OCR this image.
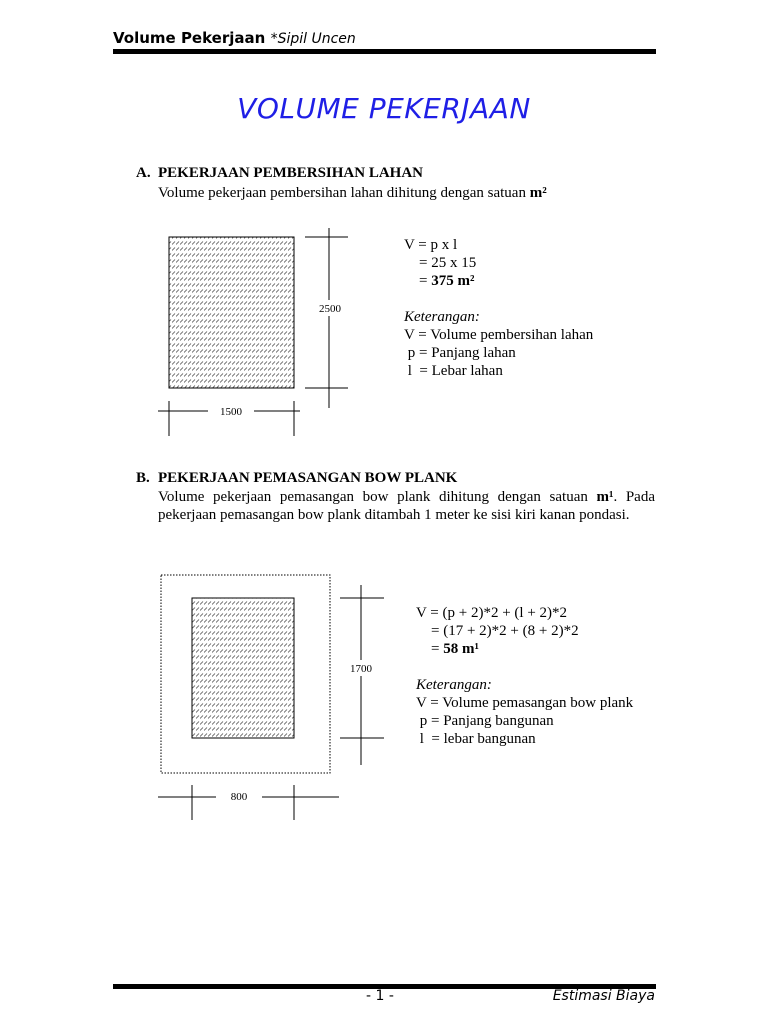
Volume Pekerjaan *Sipil Uncen
VOLUME PEKERJAAN
A. PEKERJAAN PEMBERSIHAN LAHAN
Volume pekerjaan pembersihan lahan dihitung dengan satuan m²
2500
1500
1700
800
V = p x l
= 25 x 15
= 375 m²
Keterangan:
V = Volume pembersihan lahan
p = Panjang lahan
l  = Lebar lahan
B. PEKERJAAN PEMASANGAN BOW PLANK
Volume pekerjaan pemasangan bow plank dihitung dengan satuan m¹. Pada pekerjaan pemasangan bow plank ditambah 1 meter ke sisi kiri kanan pondasi.
V = (p + 2)*2 + (l + 2)*2
= (17 + 2)*2 + (8 + 2)*2
= 58 m¹
Keterangan:
V = Volume pemasangan bow plank
p = Panjang bangunan
l  = lebar bangunan
- 1 -	Estimasi Biaya
